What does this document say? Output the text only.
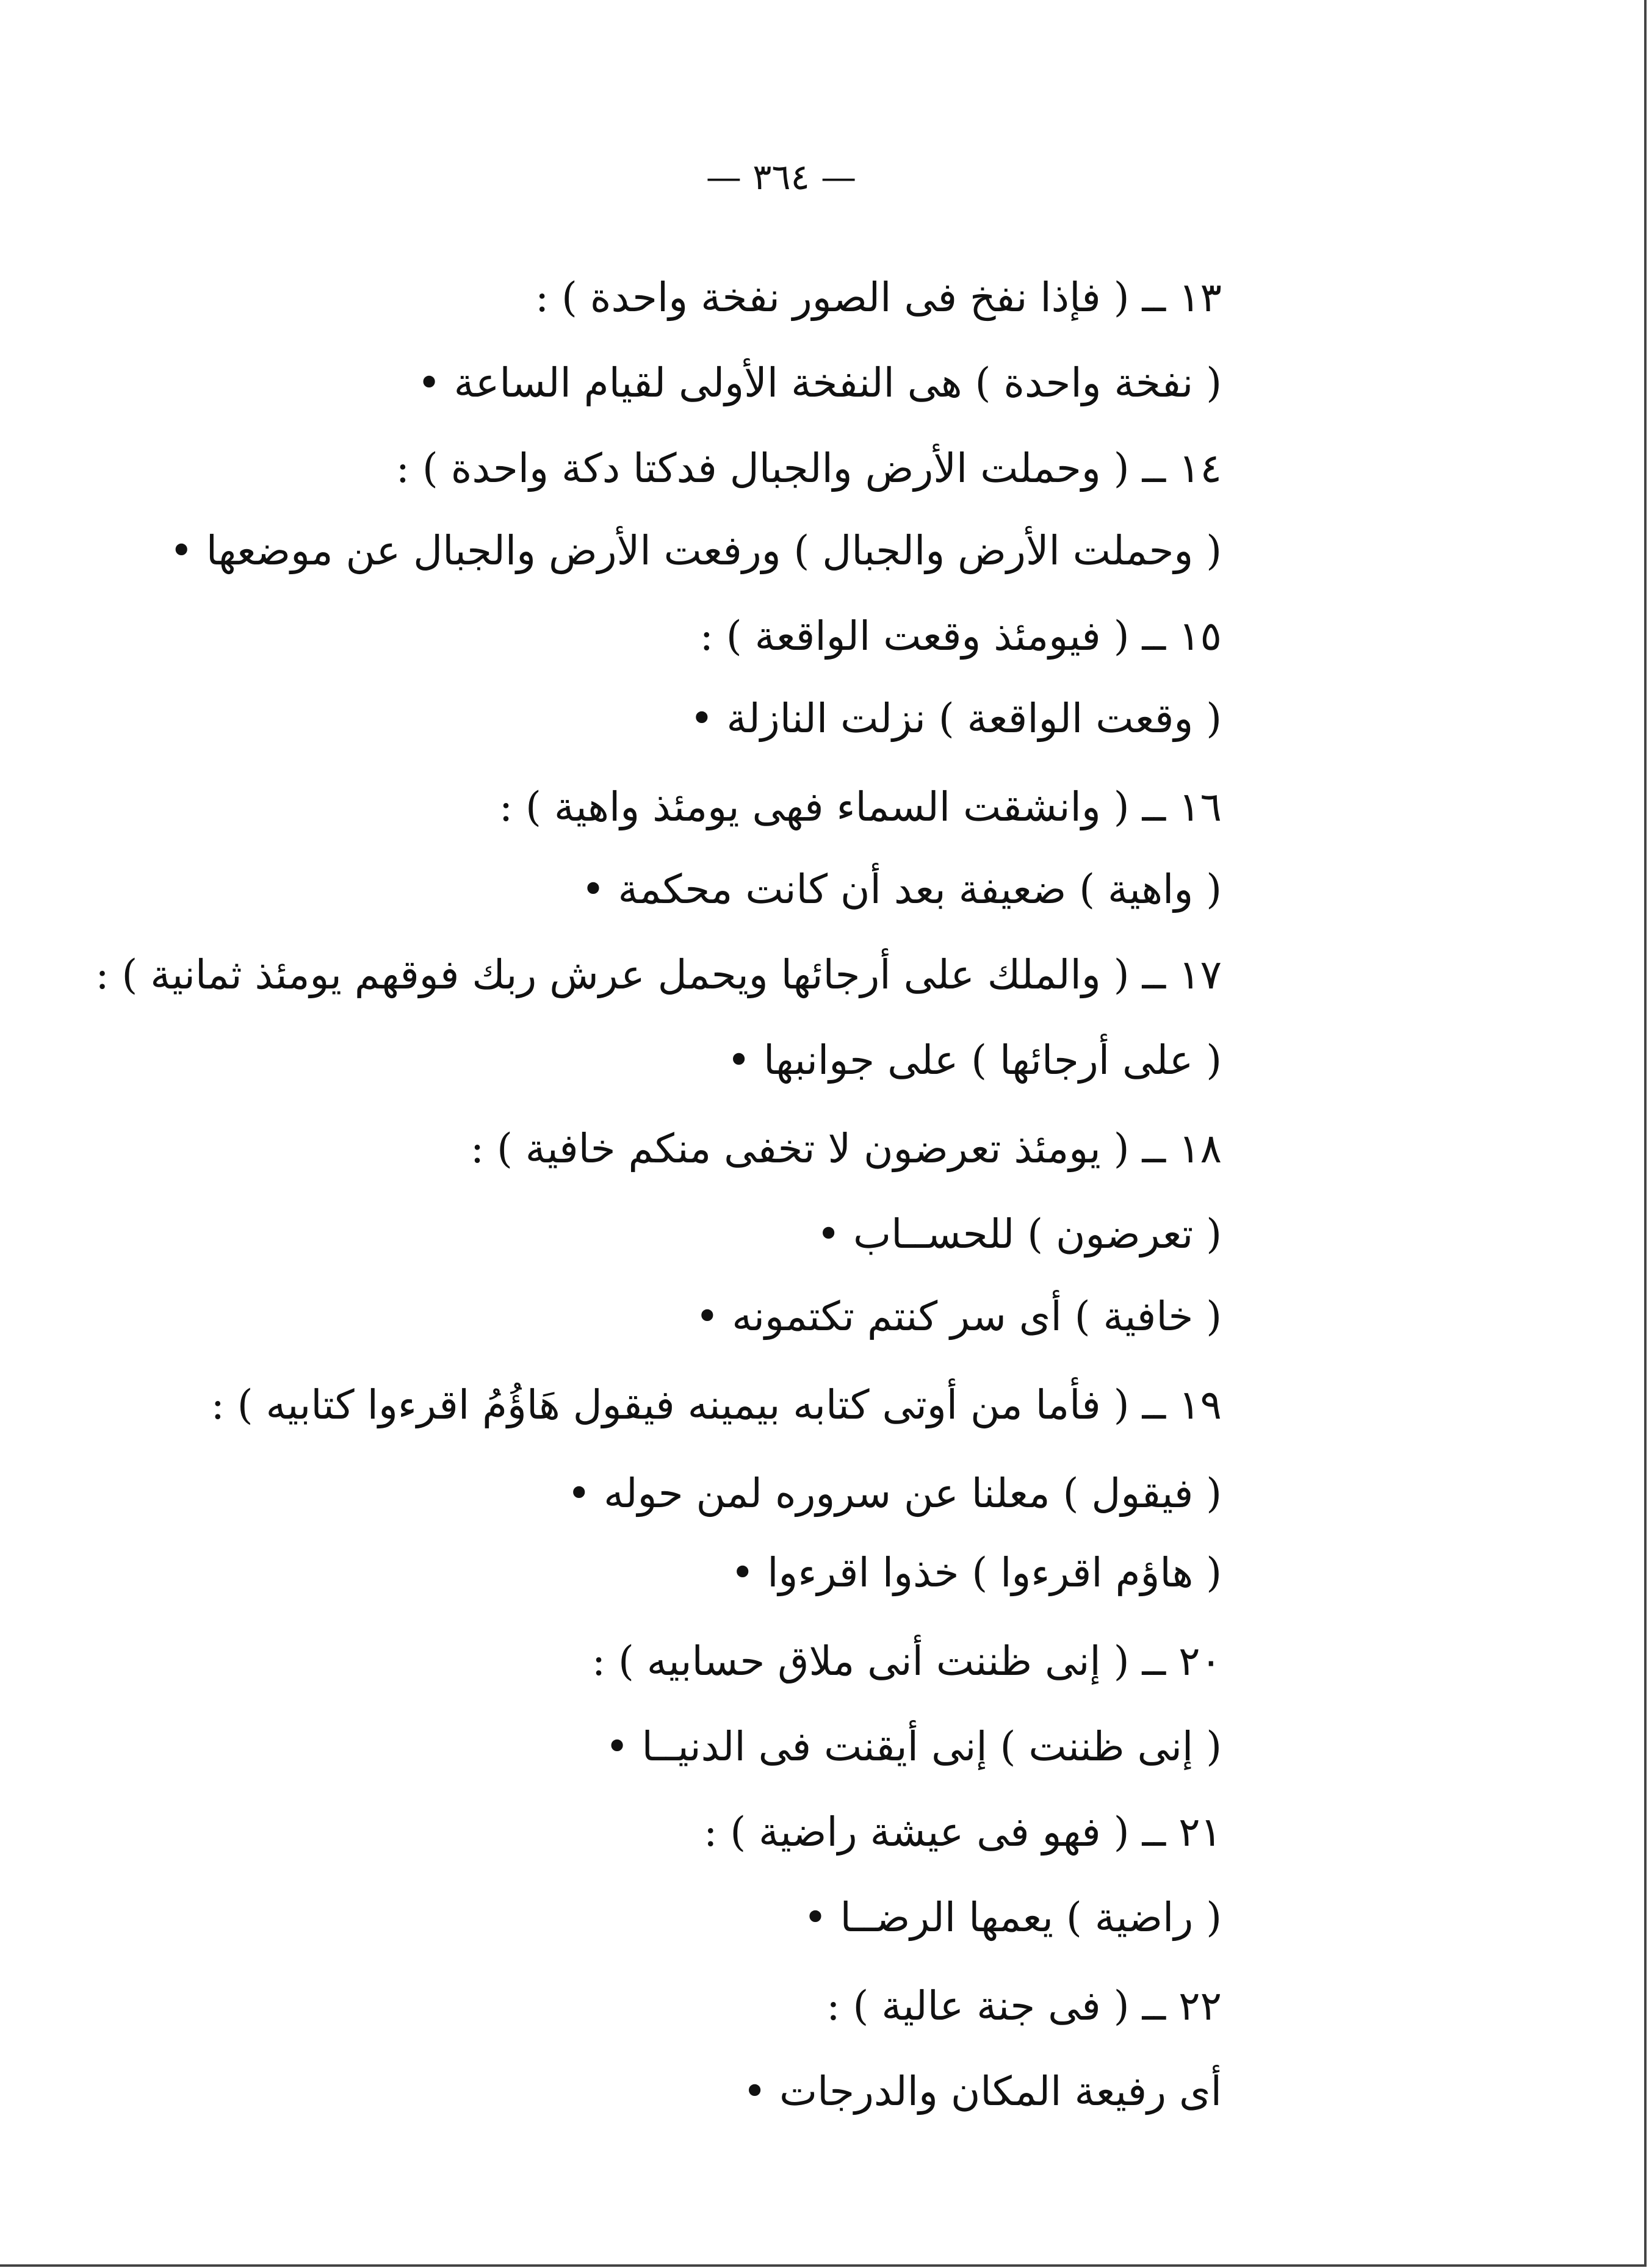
— ٣٦٤ —
١٣ ــ ( فإذا نفخ فى الصور نفخة واحدة ) :
( نفخة واحدة ) هى النفخة الأولى لقيام الساعة •
١٤ ــ ( وحملت الأرض والجبال فدكتا دكة واحدة ) :
( وحملت الأرض والجبال ) ورفعت الأرض والجبال عن موضعها •
١٥ ــ ( فيومئذ وقعت الواقعة ) :
( وقعت الواقعة ) نزلت النازلة •
١٦ ــ ( وانشقت السماء فهى يومئذ واهية ) :
( واهية ) ضعيفة بعد أن كانت محكمة •
١٧ ــ ( والملك على أرجائها ويحمل عرش ربك فوقهم يومئذ ثمانية ) :
( على أرجائها ) على جوانبها •
١٨ ــ ( يومئذ تعرضون لا تخفى منكم خافية ) :
( تعرضون ) للحســاب •
( خافية ) أى سر كنتم تكتمونه •
١٩ ــ ( فأما من أوتى كتابه بيمينه فيقول هَاؤُمُ اقرءوا كتابيه ) :
( فيقول ) معلنا عن سروره لمن حوله •
( هاؤم اقرءوا ) خذوا اقرءوا •
٢٠ ــ ( إنى ظننت أنى ملاق حسابيه ) :
( إنى ظننت ) إنى أيقنت فى الدنيــا •
٢١ ــ ( فهو فى عيشة راضية ) :
( راضية ) يعمها الرضــا •
٢٢ ــ ( فى جنة عالية ) :
أى رفيعة المكان والدرجات •
